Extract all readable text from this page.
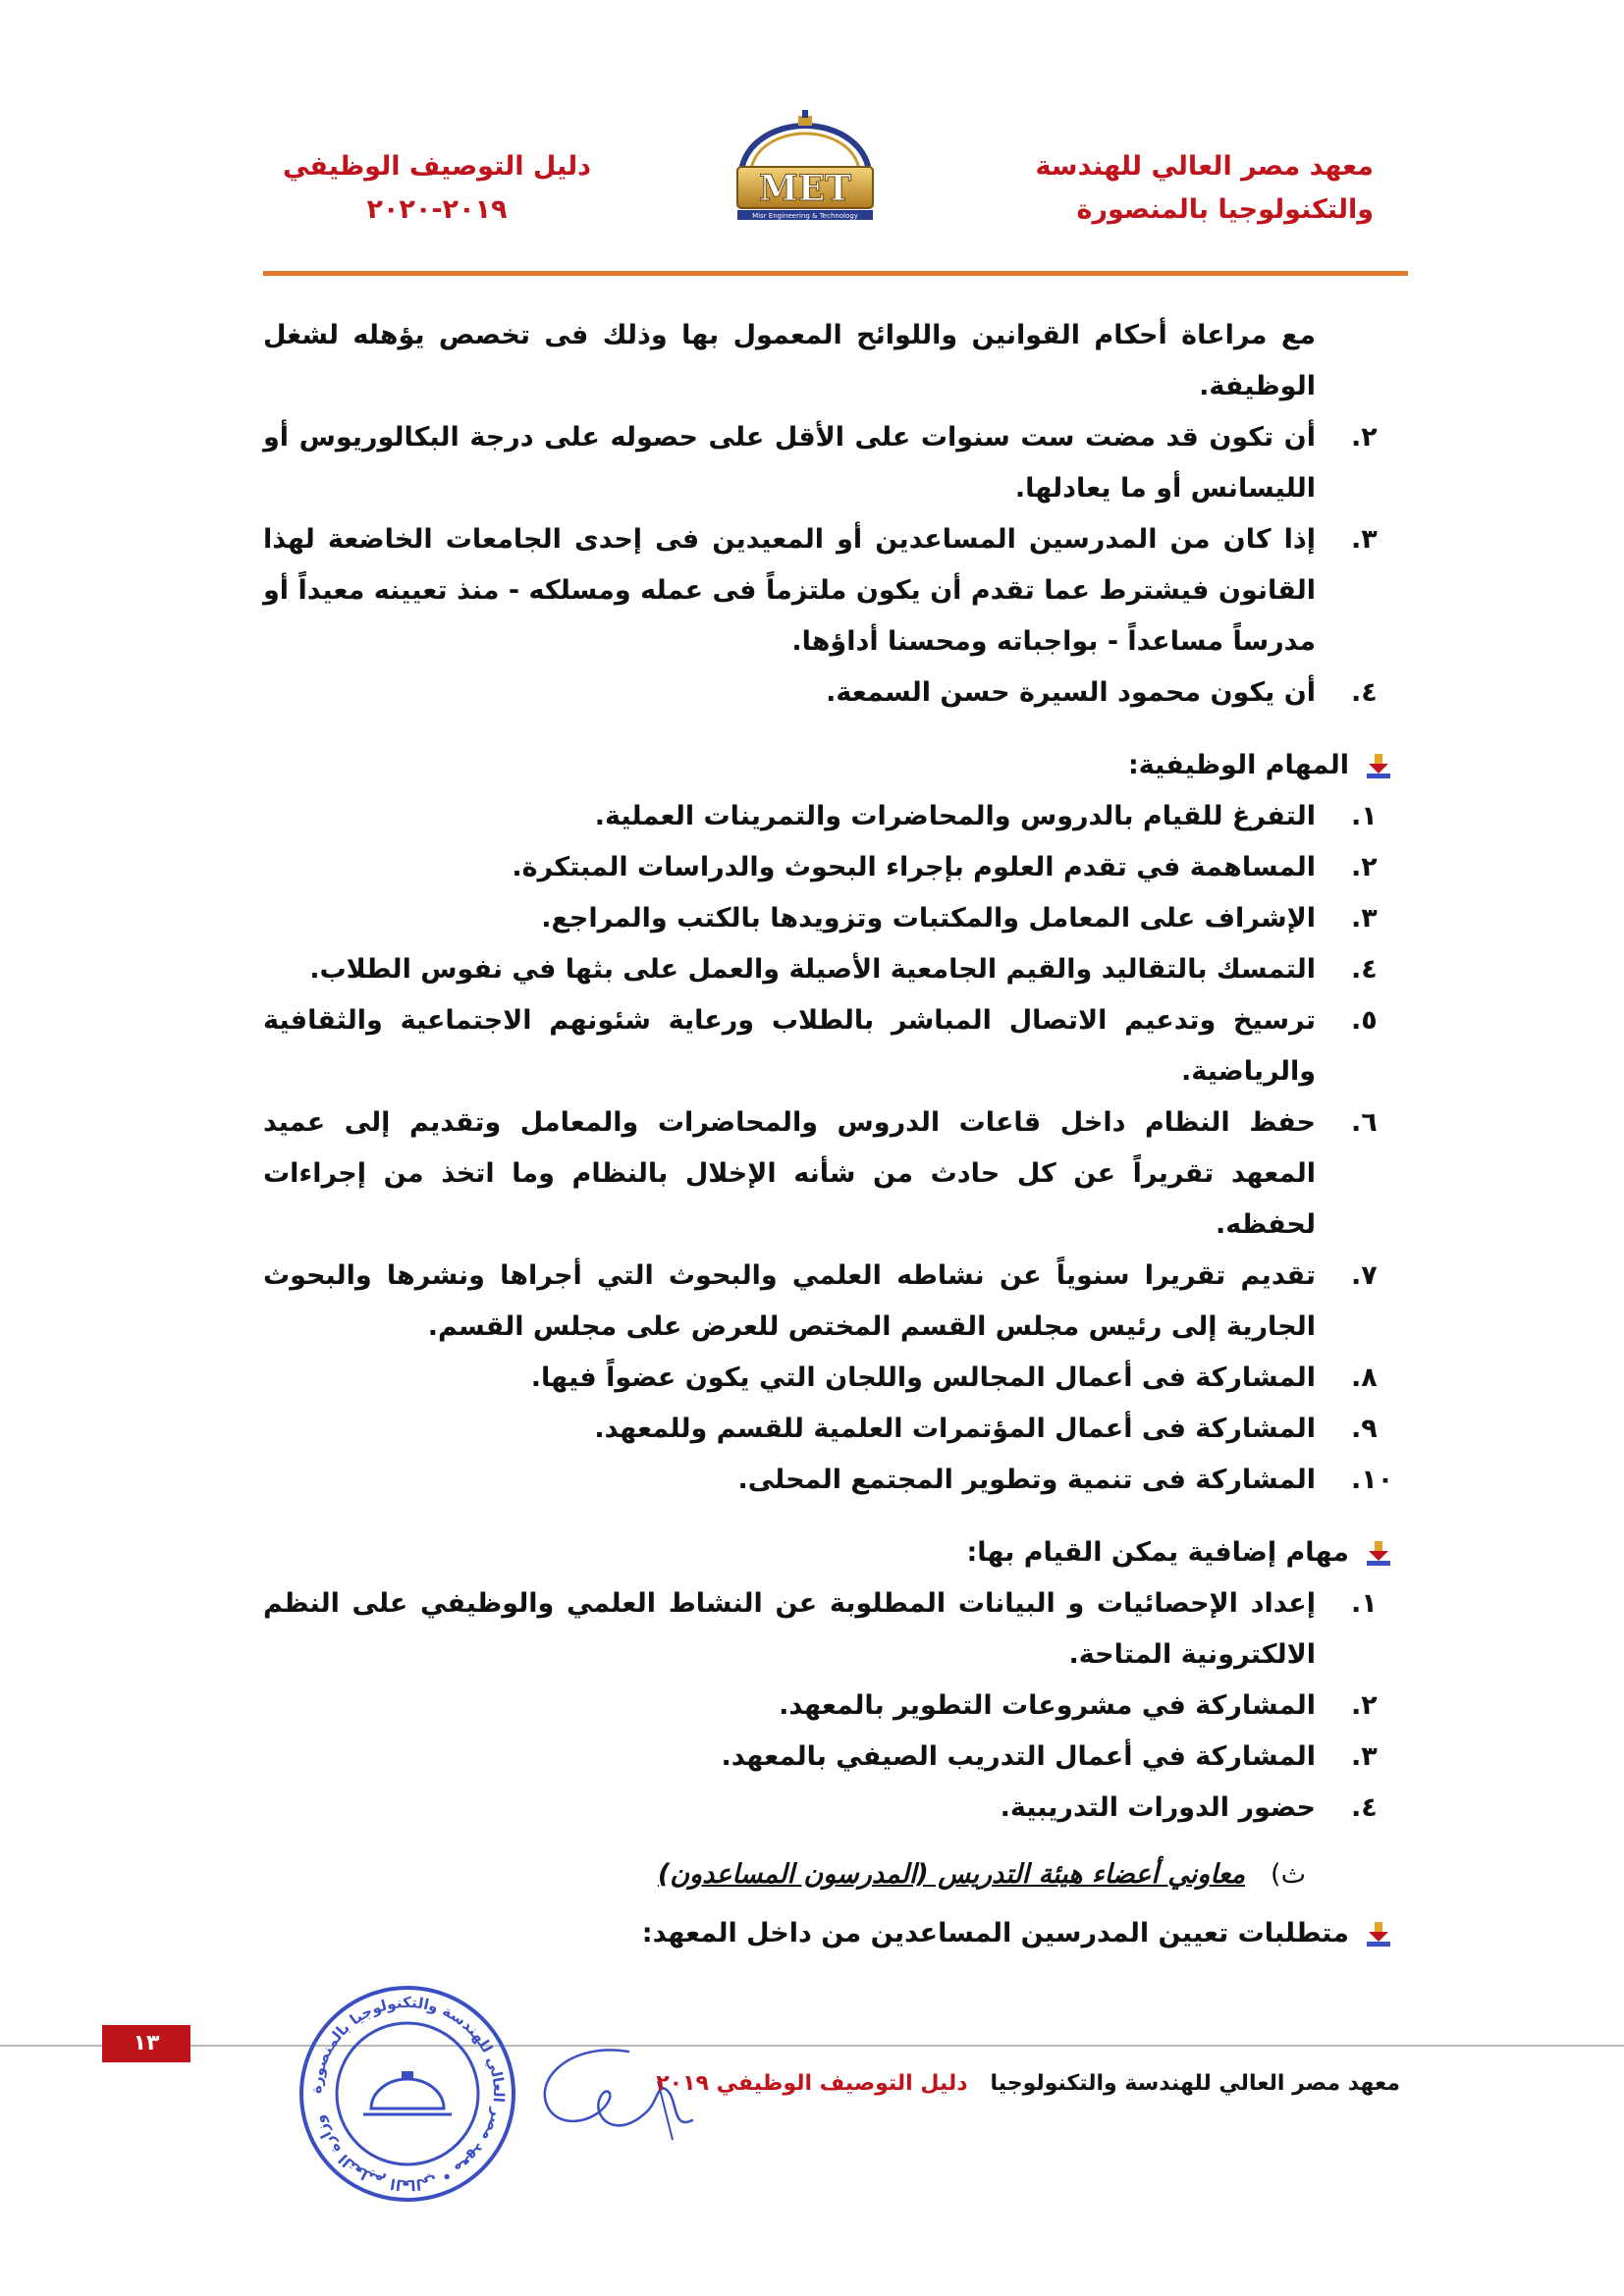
معهد مصر العالي للهندسة
والتكنولوجيا بالمنصورة
MET
Misr Engineering & Technology
دليل التوصيف الوظيفي
٢٠١٩-٢٠٢٠
مع مراعاة أحكام القوانين واللوائح المعمول بها وذلك فى تخصص يؤهله لشغل الوظيفة.
٢.
أن تكون قد مضت ست سنوات على الأقل على حصوله على درجة البكالوريوس أو الليسانس أو ما يعادلها.
٣.
إذا كان من المدرسين المساعدين أو المعيدين فى إحدى الجامعات الخاضعة لهذا القانون فيشترط عما تقدم أن يكون ملتزماً فى عمله ومسلكه - منذ تعيينه معيداً أو مدرساً مساعداً - بواجباته ومحسنا أداؤها.
٤.
أن يكون محمود السيرة حسن السمعة.
المهام الوظيفية:
١.
التفرغ للقيام بالدروس والمحاضرات والتمرينات العملية.
٢.
المساهمة في تقدم العلوم بإجراء البحوث والدراسات المبتكرة.
٣.
الإشراف على المعامل والمكتبات وتزويدها بالكتب والمراجع.
٤.
التمسك بالتقاليد والقيم الجامعية الأصيلة والعمل على بثها في نفوس الطلاب.
٥.
ترسيخ وتدعيم الاتصال المباشر بالطلاب ورعاية شئونهم الاجتماعية والثقافية والرياضية.
٦.
حفظ النظام داخل قاعات الدروس والمحاضرات والمعامل وتقديم إلى عميد المعهد تقريراً عن كل حادث من شأنه الإخلال بالنظام وما اتخذ من إجراءات لحفظه.
٧.
تقديم تقريرا سنوياً عن نشاطه العلمي والبحوث التي أجراها ونشرها والبحوث الجارية إلى رئيس مجلس القسم المختص للعرض على مجلس القسم.
٨.
المشاركة فى أعمال المجالس واللجان التي يكون عضواً فيها.
٩.
المشاركة فى أعمال المؤتمرات العلمية للقسم وللمعهد.
١٠.
المشاركة فى تنمية وتطوير المجتمع المحلى.
مهام إضافية يمكن القيام بها:
١.
إعداد الإحصائيات و البيانات المطلوبة عن النشاط العلمي والوظيفي على النظم الالكترونية المتاحة.
٢.
المشاركة في مشروعات التطوير بالمعهد.
٣.
المشاركة في أعمال التدريب الصيفي بالمعهد.
٤.
حضور الدورات التدريبية.
ث)
معاوني أعضاء هيئة التدريس (المدرسون المساعدون)
متطلبات تعيين المدرسين المساعدين من داخل المعهد:
١٣
وزارة التعليم العالي • معهد مصر العالي للهندسة والتكنولوجيا بالمنصورة
معهد مصر العالي للهندسة والتكنولوجيا   دليل التوصيف الوظيفي ٢٠١٩
